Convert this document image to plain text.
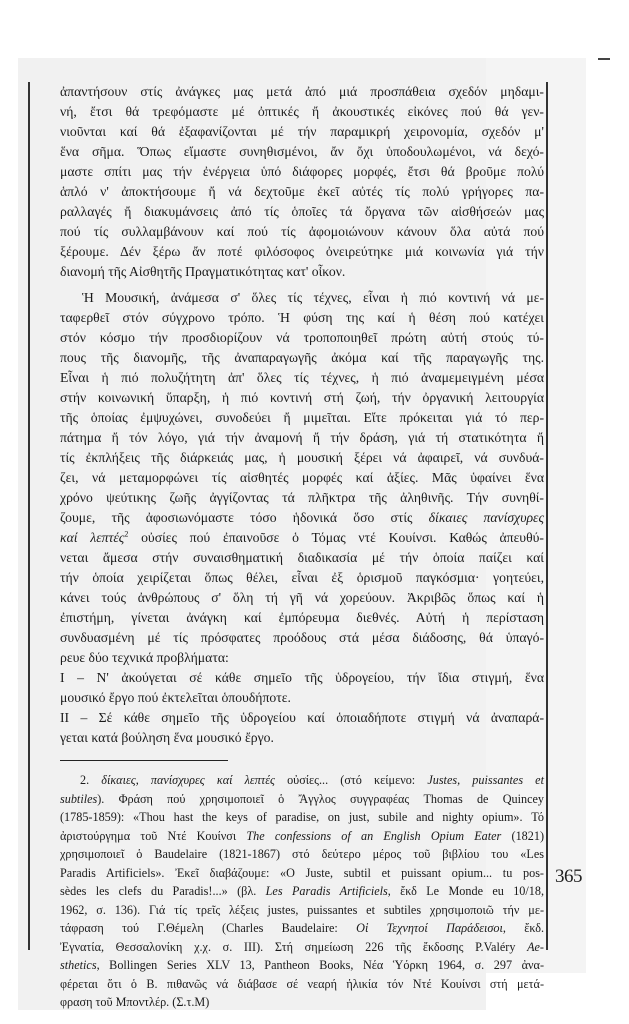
ἀπαντήσουν στίς ἀνάγκες μας μετά ἀπό μιά προσπάθεια σχεδόν μηδαμι-
νή, ἔτσι θά τρεφόμαστε μέ ὀπτικές ἤ ἀκουστικές εἰκόνες πού θά γεν-
νιοῦνται καί θά ἐξαφανίζονται μέ τήν παραμικρή χειρονομία, σχεδόν μ'
ἕνα σῆμα. Ὅπως εἴμαστε συνηθισμένοι, ἄν ὄχι ὑποδουλωμένοι, νά δεχό-
μαστε σπίτι μας τήν ἐνέργεια ὑπό διάφορες μορφές, ἔτσι θά βροῦμε πολύ
ἁπλό ν' ἀποκτήσουμε ἤ νά δεχτοῦμε ἐκεῖ αὐτές τίς πολύ γρήγορες πα-
ραλλαγές ἤ διακυμάνσεις ἀπό τίς ὁποῖες τά ὄργανα τῶν αἰσθήσεών μας
πού τίς συλλαμβάνουν καί πού τίς ἀφομοιώνουν κάνουν ὅλα αὐτά πού
ξέρουμε. Δέν ξέρω ἄν ποτέ φιλόσοφος ὀνειρεύτηκε μιά κοινωνία γιά τήν
διανομή τῆς Αἰσθητῆς Πραγματικότητας κατ' οἶκον.
Ἡ Μουσική, ἀνάμεσα σ' ὅλες τίς τέχνες, εἶναι ἡ πιό κοντινή νά με-
ταφερθεῖ στόν σύγχρονο τρόπο. Ἡ φύση της καί ἡ θέση πού κατέχει
στόν κόσμο τήν προσδιορίζουν νά τροποποιηθεῖ πρώτη αὐτή στούς τύ-
πους τῆς διανομῆς, τῆς ἀναπαραγωγῆς ἀκόμα καί τῆς παραγωγῆς της.
Εἶναι ἡ πιό πολυζήτητη ἀπ' ὅλες τίς τέχνες, ἡ πιό ἀναμεμειγμένη μέσα
στήν κοινωνική ὕπαρξη, ἡ πιό κοντινή στή ζωή, τήν ὀργανική λειτουργία
τῆς ὁποίας ἐμψυχώνει, συνοδεύει ἤ μιμεῖται. Εἴτε πρόκειται γιά τό περ-
πάτημα ἤ τόν λόγο, γιά τήν ἀναμονή ἤ τήν δράση, γιά τή στατικότητα ἤ
τίς ἐκπλήξεις τῆς διάρκειάς μας, ἡ μουσική ξέρει νά ἀφαιρεῖ, νά συνδυά-
ζει, νά μεταμορφώνει τίς αἰσθητές μορφές καί ἀξίες. Μᾶς ὑφαίνει ἕνα
χρόνο ψεύτικης ζωῆς ἀγγίζοντας τά πλῆκτρα τῆς ἀληθινῆς. Τήν συνηθί-
ζουμε, τῆς ἀφοσιωνόμαστε τόσο ἡδονικά ὅσο στίς δίκαιες πανίσχυρες
καί λεπτές$^2$ οὐσίες πού ἐπαινοῦσε ὁ Τόμας ντέ Κουίνσι. Καθώς ἀπευθύ-
νεται ἄμεσα στήν συναισθηματική διαδικασία μέ τήν ὁποία παίζει καί
τήν ὁποία χειρίζεται ὅπως θέλει, εἶναι ἐξ ὁρισμοῦ παγκόσμια· γοητεύει,
κάνει τούς ἀνθρώπους σ' ὅλη τή γῆ νά χορεύουν. Ἀκριβῶς ὅπως καί ἡ
ἐπιστήμη, γίνεται ἀνάγκη καί ἐμπόρευμα διεθνές. Αὐτή ἡ περίσταση
συνδυασμένη μέ τίς πρόσφατες προόδους στά μέσα διάδοσης, θά ὑπαγό-
ρευε δύο τεχνικά προβλήματα:
I – Ν' ἀκούγεται σέ κάθε σημεῖο τῆς ὑδρογείου, τήν ἴδια στιγμή, ἕνα
μουσικό ἔργο πού ἐκτελεῖται ὁπουδήποτε.
II – Σέ κάθε σημεῖο τῆς ὑδρογείου καί ὁποιαδήποτε στιγμή νά ἀναπαρά-
γεται κατά βούληση ἕνα μουσικό ἔργο.
2. δίκαιες, πανίσχυρες καί λεπτές οὐσίες... (στό κείμενο: Justes, puissantes et
subtiles). Φράση πού χρησιμοποιεῖ ὁ Ἄγγλος συγγραφέας Thomas de Quincey
(1785-1859): «Thou hast the keys of paradise, on just, subile and nighty opium». Τό
ἀριστούργημα τοῦ Ντέ Κουίνσι The confessions of an English Opium Eater (1821)
χρησιμοποιεῖ ὁ Baudelaire (1821-1867) στό δεύτερο μέρος τοῦ βιβλίου του «Les
Paradis Artificiels». Ἐκεῖ διαβάζουμε: «O Juste, subtil et puissant opium... tu pos-
sèdes les clefs du Paradis!...» (βλ. Les Paradis Artificiels, ἔκδ Le Monde eu 10/18,
1962, σ. 136). Γιά τίς τρεῖς λέξεις justes, puissantes et subtiles χρησιμοποιῶ τήν με-
τάφραση τού Γ.Θέμελη (Charles Baudelaire: Οἱ Τεχνητοί Παράδεισοι, ἔκδ.
Ἐγνατία, Θεσσαλονίκη χ.χ. σ. III). Στή σημείωση 226 τῆς ἔκδοσης P.Valéry Ae-
sthetics, Bollingen Series XLV 13, Pantheon Books, Νέα Ὑόρκη 1964, σ. 297 ἀνα-
φέρεται ὅτι ὁ Β. πιθανῶς νά διάβασε σέ νεαρή ἡλικία τόν Ντέ Κουίνσι στή μετά-
φραση τοῦ Μποντλέρ. (Σ.τ.Μ)
365
